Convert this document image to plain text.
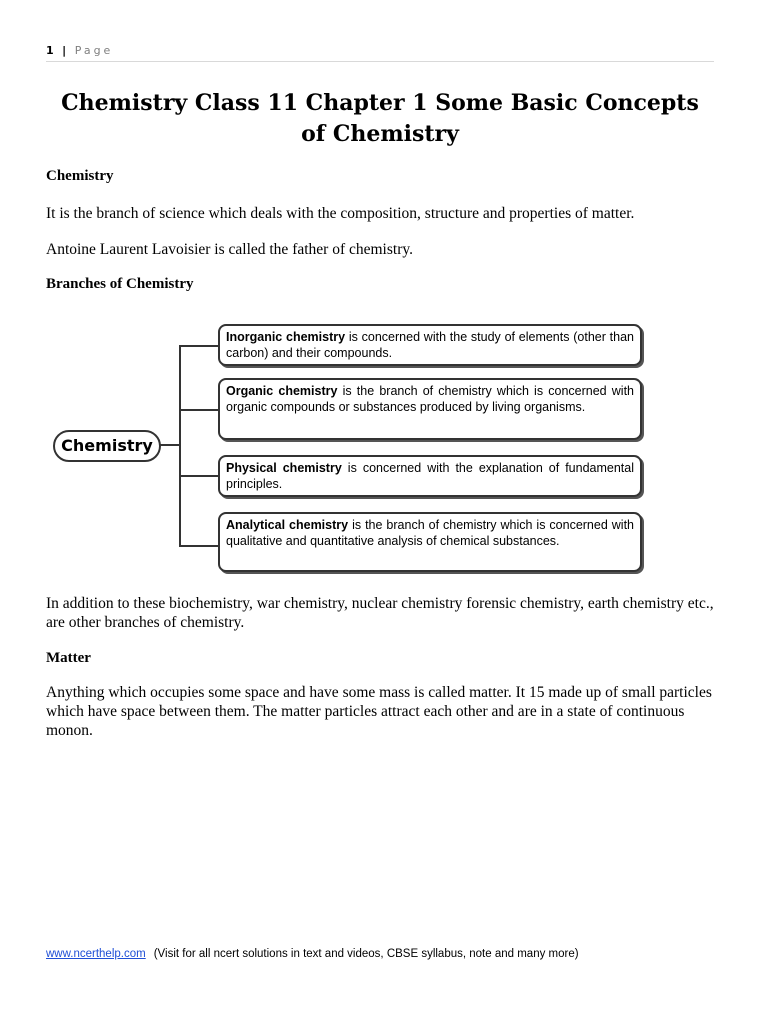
1 | Page
Chemistry Class 11 Chapter 1 Some Basic Concepts of Chemistry
Chemistry

It is the branch of science which deals with the composition, structure and properties of matter.

Antoine Laurent Lavoisier is called the father of chemistry.

Branches of Chemistry
Chemistry
Inorganic chemistry is concerned with the study of elements (other than carbon) and their compounds.
Organic chemistry is the branch of chemistry which is concerned with organic compounds or substances produced by living organisms.
Physical chemistry is concerned with the explanation of fundamental principles.
Analytical chemistry is the branch of chemistry which is concerned with qualitative and quantitative analysis of chemical substances.

In addition to these biochemistry, war chemistry, nuclear chemistry forensic chemistry, earth chemistry etc., are other branches of chemistry.

Matter

Anything which occupies some space and have some mass is called matter. It 15 made up of small particles which have space between them. The matter particles attract each other and are in a state of continuous monon.

www.ncerthelp.com (Visit for all ncert solutions in text and videos, CBSE syllabus, note and many more)
